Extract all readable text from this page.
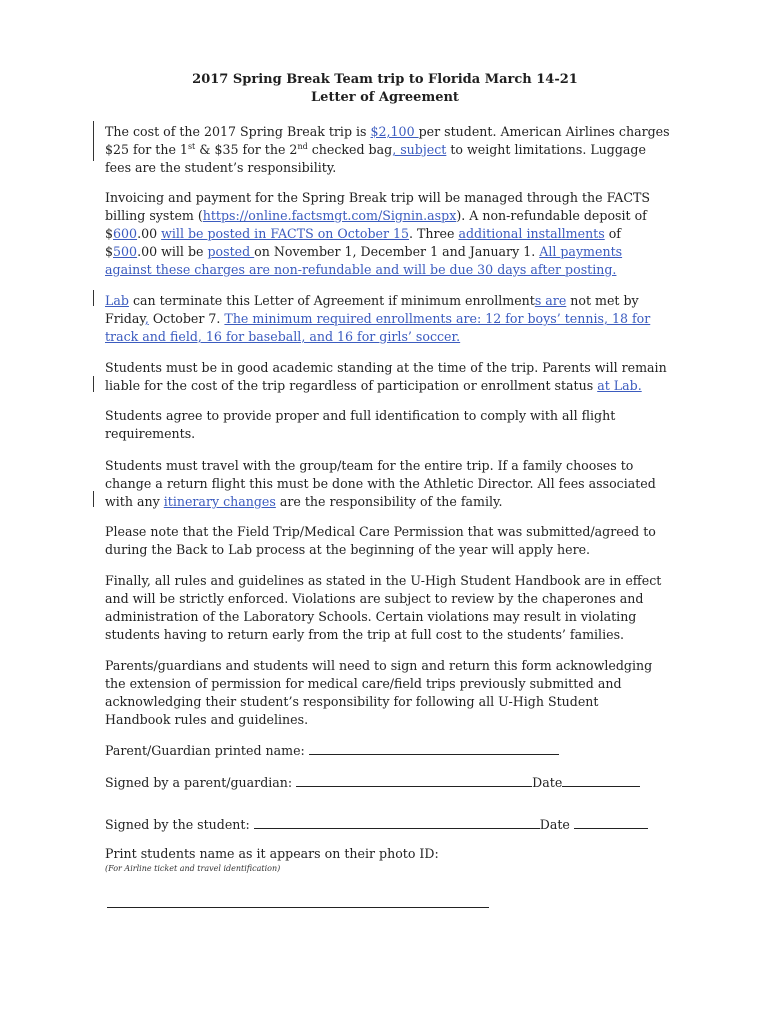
2017 Spring Break Team trip to Florida March 14-21
Letter of Agreement
The cost of the 2017 Spring Break trip is $2,100 per student. American Airlines charges
$25 for the 1st & $35 for the 2nd checked bag, subject to weight limitations. Luggage
fees are the student’s responsibility.
Invoicing and payment for the Spring Break trip will be managed through the FACTS
billing system (https://online.factsmgt.com/Signin.aspx). A non-refundable deposit of
$600.00 will be posted in FACTS on October 15. Three additional installments of
$500.00 will be posted on November 1, December 1 and January 1. All payments
against these charges are non-refundable and will be due 30 days after posting.
Lab can terminate this Letter of Agreement if minimum enrollments are not met by
Friday, October 7. The minimum required enrollments are: 12 for boys’ tennis, 18 for
track and field, 16 for baseball, and 16 for girls’ soccer.
Students must be in good academic standing at the time of the trip. Parents will remain
liable for the cost of the trip regardless of participation or enrollment status at Lab.
Students agree to provide proper and full identification to comply with all flight
requirements.
Students must travel with the group/team for the entire trip. If a family chooses to
change a return flight this must be done with the Athletic Director. All fees associated
with any itinerary changes are the responsibility of the family.
Please note that the Field Trip/Medical Care Permission that was submitted/agreed to
during the Back to Lab process at the beginning of the year will apply here.
Finally, all rules and guidelines as stated in the U-High Student Handbook are in effect
and will be strictly enforced. Violations are subject to review by the chaperones and
administration of the Laboratory Schools. Certain violations may result in violating
students having to return early from the trip at full cost to the students’ families.
Parents/guardians and students will need to sign and return this form acknowledging
the extension of permission for medical care/field trips previously submitted and
acknowledging their student’s responsibility for following all U-High Student
Handbook rules and guidelines.
Parent/Guardian printed name:
Signed by a parent/guardian:	Date
Signed by the student:	Date
Print students name as it appears on their photo ID:
(For Airline ticket and travel identification)
